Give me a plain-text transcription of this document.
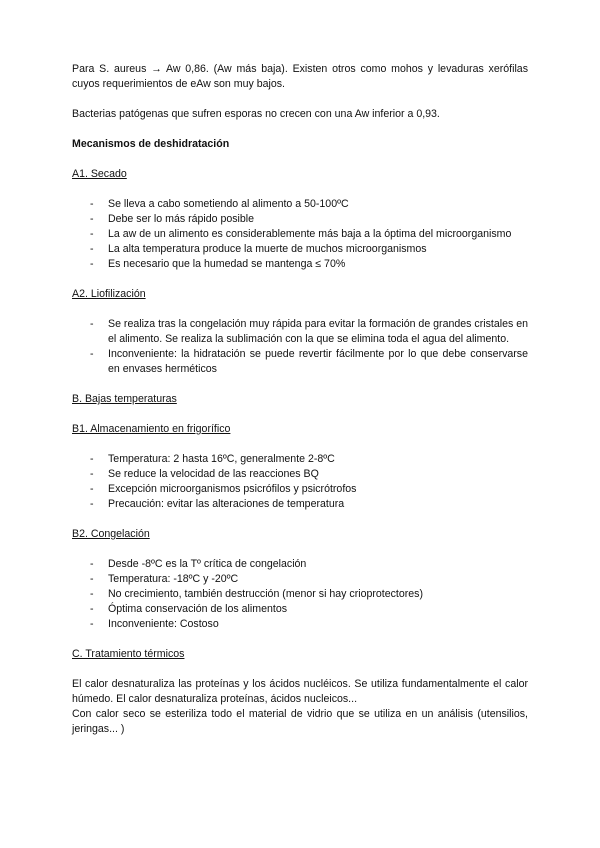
Para S. aureus → Aw 0,86. (Aw más baja). Existen otros como mohos y levaduras xerófilas cuyos requerimientos de eAw son muy bajos.

Bacterias patógenas que sufren esporas no crecen con una Aw inferior a 0,93.

Mecanismos de deshidratación

A1. Secado

- Se lleva a cabo sometiendo al alimento a 50-100ºC
- Debe ser lo más rápido posible
- La aw de un alimento es considerablemente más baja a la óptima del microorganismo
- La alta temperatura produce la muerte de muchos microorganismos
- Es necesario que la humedad se mantenga ≤ 70%

A2. Liofilización

- Se realiza tras la congelación muy rápida para evitar la formación de grandes cristales en el alimento. Se realiza la sublimación con la que se elimina toda el agua del alimento.
- Inconveniente: la hidratación se puede revertir fácilmente por lo que debe conservarse en envases herméticos

B. Bajas temperaturas

B1. Almacenamiento en frigorífico

- Temperatura: 2 hasta 16ºC, generalmente 2-8ºC
- Se reduce la velocidad de las reacciones BQ
- Excepción microorganismos psicrófilos y psicrótrofos
- Precaución: evitar las alteraciones de temperatura

B2. Congelación

- Desde -8ºC es la Tº crítica de congelación
- Temperatura: -18ºC y -20ºC
- No crecimiento, también destrucción (menor si hay crioprotectores)
- Óptima conservación de los alimentos
- Inconveniente: Costoso

C. Tratamiento térmicos

El calor desnaturaliza las proteínas y los ácidos nucléicos. Se utiliza fundamentalmente el calor húmedo. El calor desnaturaliza proteínas, ácidos nucleicos...

Con calor seco se esteriliza todo el material de vidrio que se utiliza en un análisis (utensilios, jeringas... )
